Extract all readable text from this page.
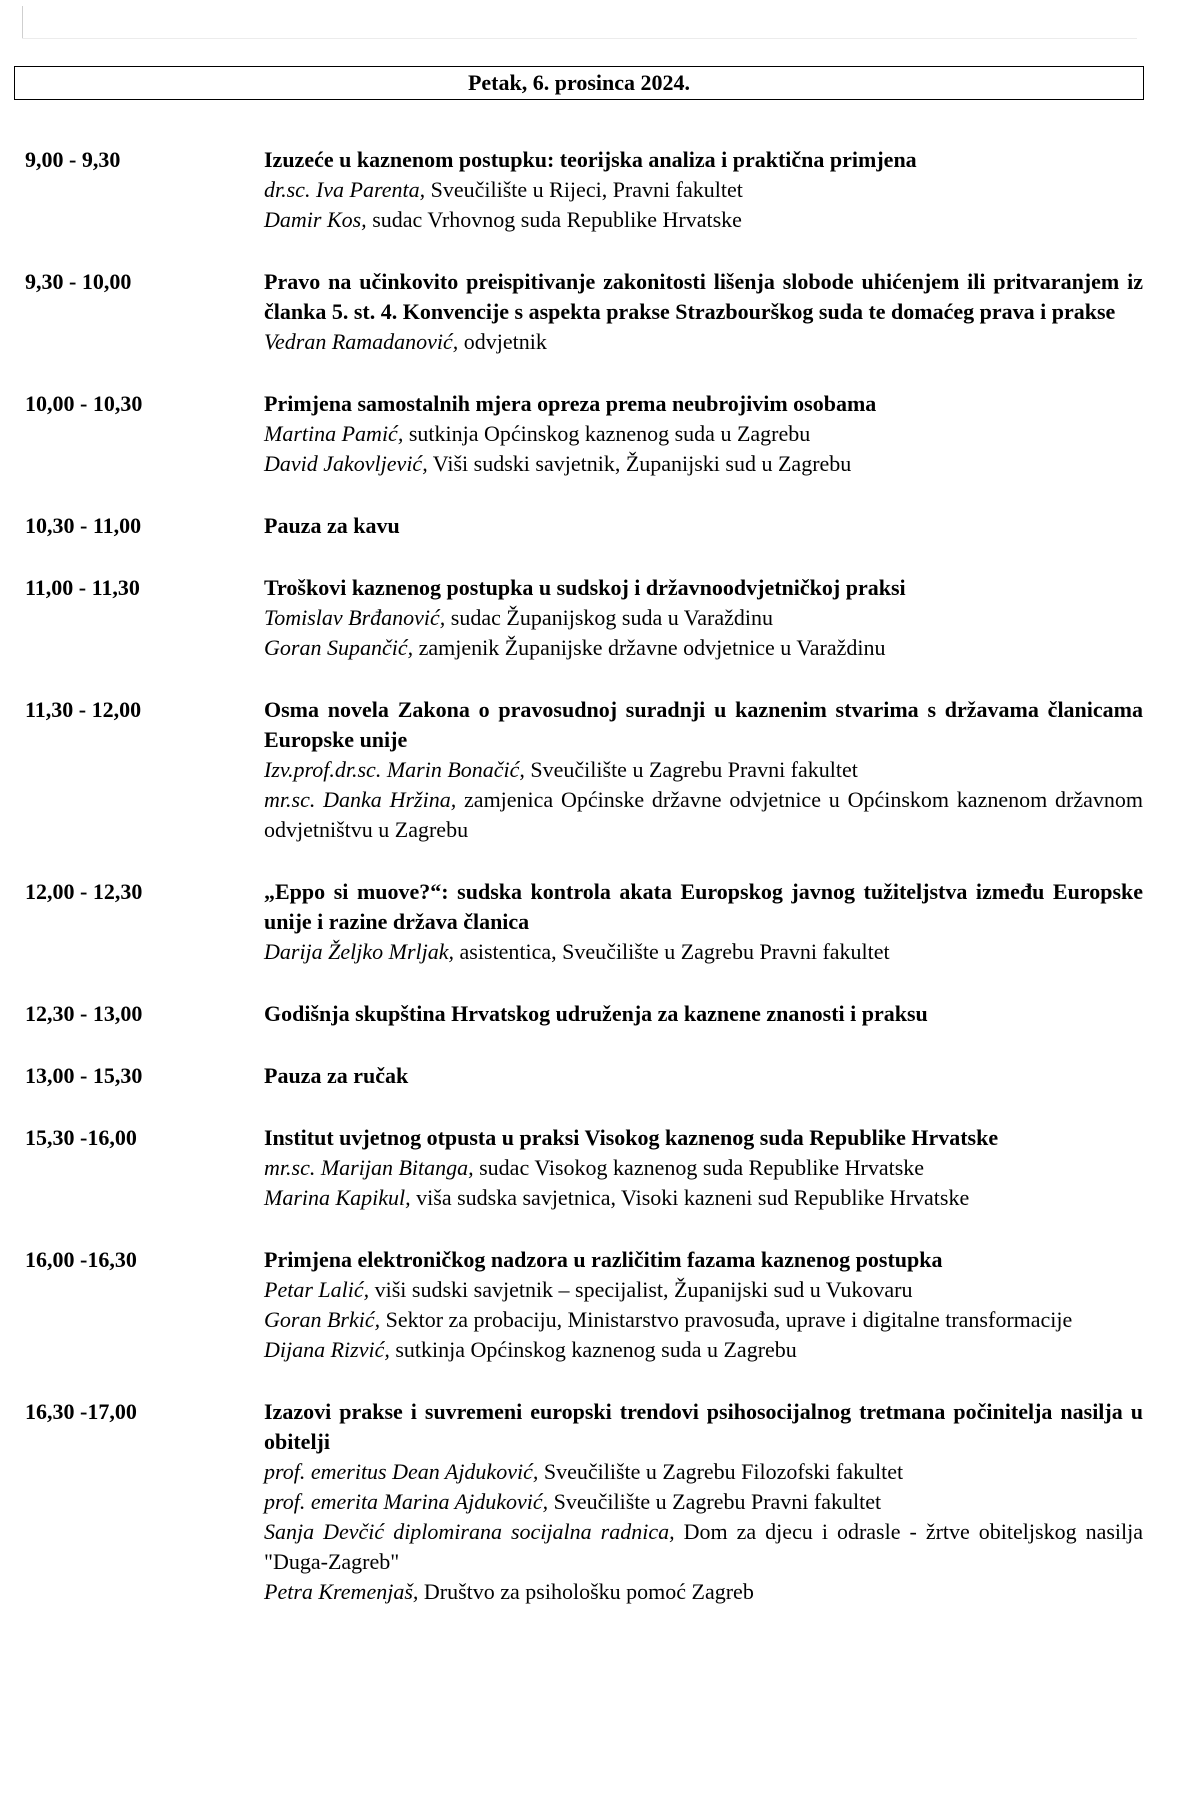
Petak, 6. prosinca 2024.
9,00 - 9,30	Izuzeće u kaznenom postupku: teorijska analiza i praktična primjena
dr.sc. Iva Parenta, Sveučilište u Rijeci, Pravni fakultet
Damir Kos, sudac Vrhovnog suda Republike Hrvatske
9,30 - 10,00	Pravo na učinkovito preispitivanje zakonitosti lišenja slobode uhićenjem ili pritvaranjem iz članka 5. st. 4. Konvencije s aspekta prakse Strazbourškog suda te domaćeg prava i prakse
Vedran Ramadanović, odvjetnik
10,00 - 10,30	Primjena samostalnih mjera opreza prema neubrojivim osobama
Martina Pamić, sutkinja Općinskog kaznenog suda u Zagrebu
David Jakovljević, Viši sudski savjetnik, Županijski sud u Zagrebu
10,30 - 11,00	Pauza za kavu
11,00 - 11,30	Troškovi kaznenog postupka u sudskoj i državnoodvjetničkoj praksi
Tomislav Brđanović, sudac Županijskog suda u Varaždinu
Goran Supančić, zamjenik Županijske državne odvjetnice u Varaždinu
11,30 - 12,00	Osma novela Zakona o pravosudnoj suradnji u kaznenim stvarima s državama članicama Europske unije
Izv.prof.dr.sc. Marin Bonačić, Sveučilište u Zagrebu Pravni fakultet
mr.sc. Danka Hržina, zamjenica Općinske državne odvjetnice u Općinskom kaznenom državnom odvjetništvu u Zagrebu
12,00 - 12,30	„Eppo si muove?“: sudska kontrola akata Europskog javnog tužiteljstva između Europske unije i razine država članica
Darija Željko Mrljak, asistentica, Sveučilište u Zagrebu Pravni fakultet
12,30 - 13,00	Godišnja skupština Hrvatskog udruženja za kaznene znanosti i praksu
13,00 - 15,30	Pauza za ručak
15,30 -16,00	Institut uvjetnog otpusta u praksi Visokog kaznenog suda Republike Hrvatske
mr.sc. Marijan Bitanga, sudac Visokog kaznenog suda Republike Hrvatske
Marina Kapikul, viša sudska savjetnica, Visoki kazneni sud Republike Hrvatske
16,00 -16,30	Primjena elektroničkog nadzora u različitim fazama kaznenog postupka
Petar Lalić, viši sudski savjetnik – specijalist, Županijski sud u Vukovaru
Goran Brkić, Sektor za probaciju, Ministarstvo pravosuđa, uprave i digitalne transformacije
Dijana Rizvić, sutkinja Općinskog kaznenog suda u Zagrebu
16,30 -17,00	Izazovi prakse i suvremeni europski trendovi psihosocijalnog tretmana počinitelja nasilja u obitelji
prof. emeritus Dean Ajduković, Sveučilište u Zagrebu Filozofski fakultet
prof. emerita Marina Ajduković, Sveučilište u Zagrebu Pravni fakultet
Sanja Devčić diplomirana socijalna radnica, Dom za djecu i odrasle - žrtve obiteljskog nasilja "Duga-Zagreb"
Petra Kremenjaš, Društvo za psihološku pomoć Zagreb
